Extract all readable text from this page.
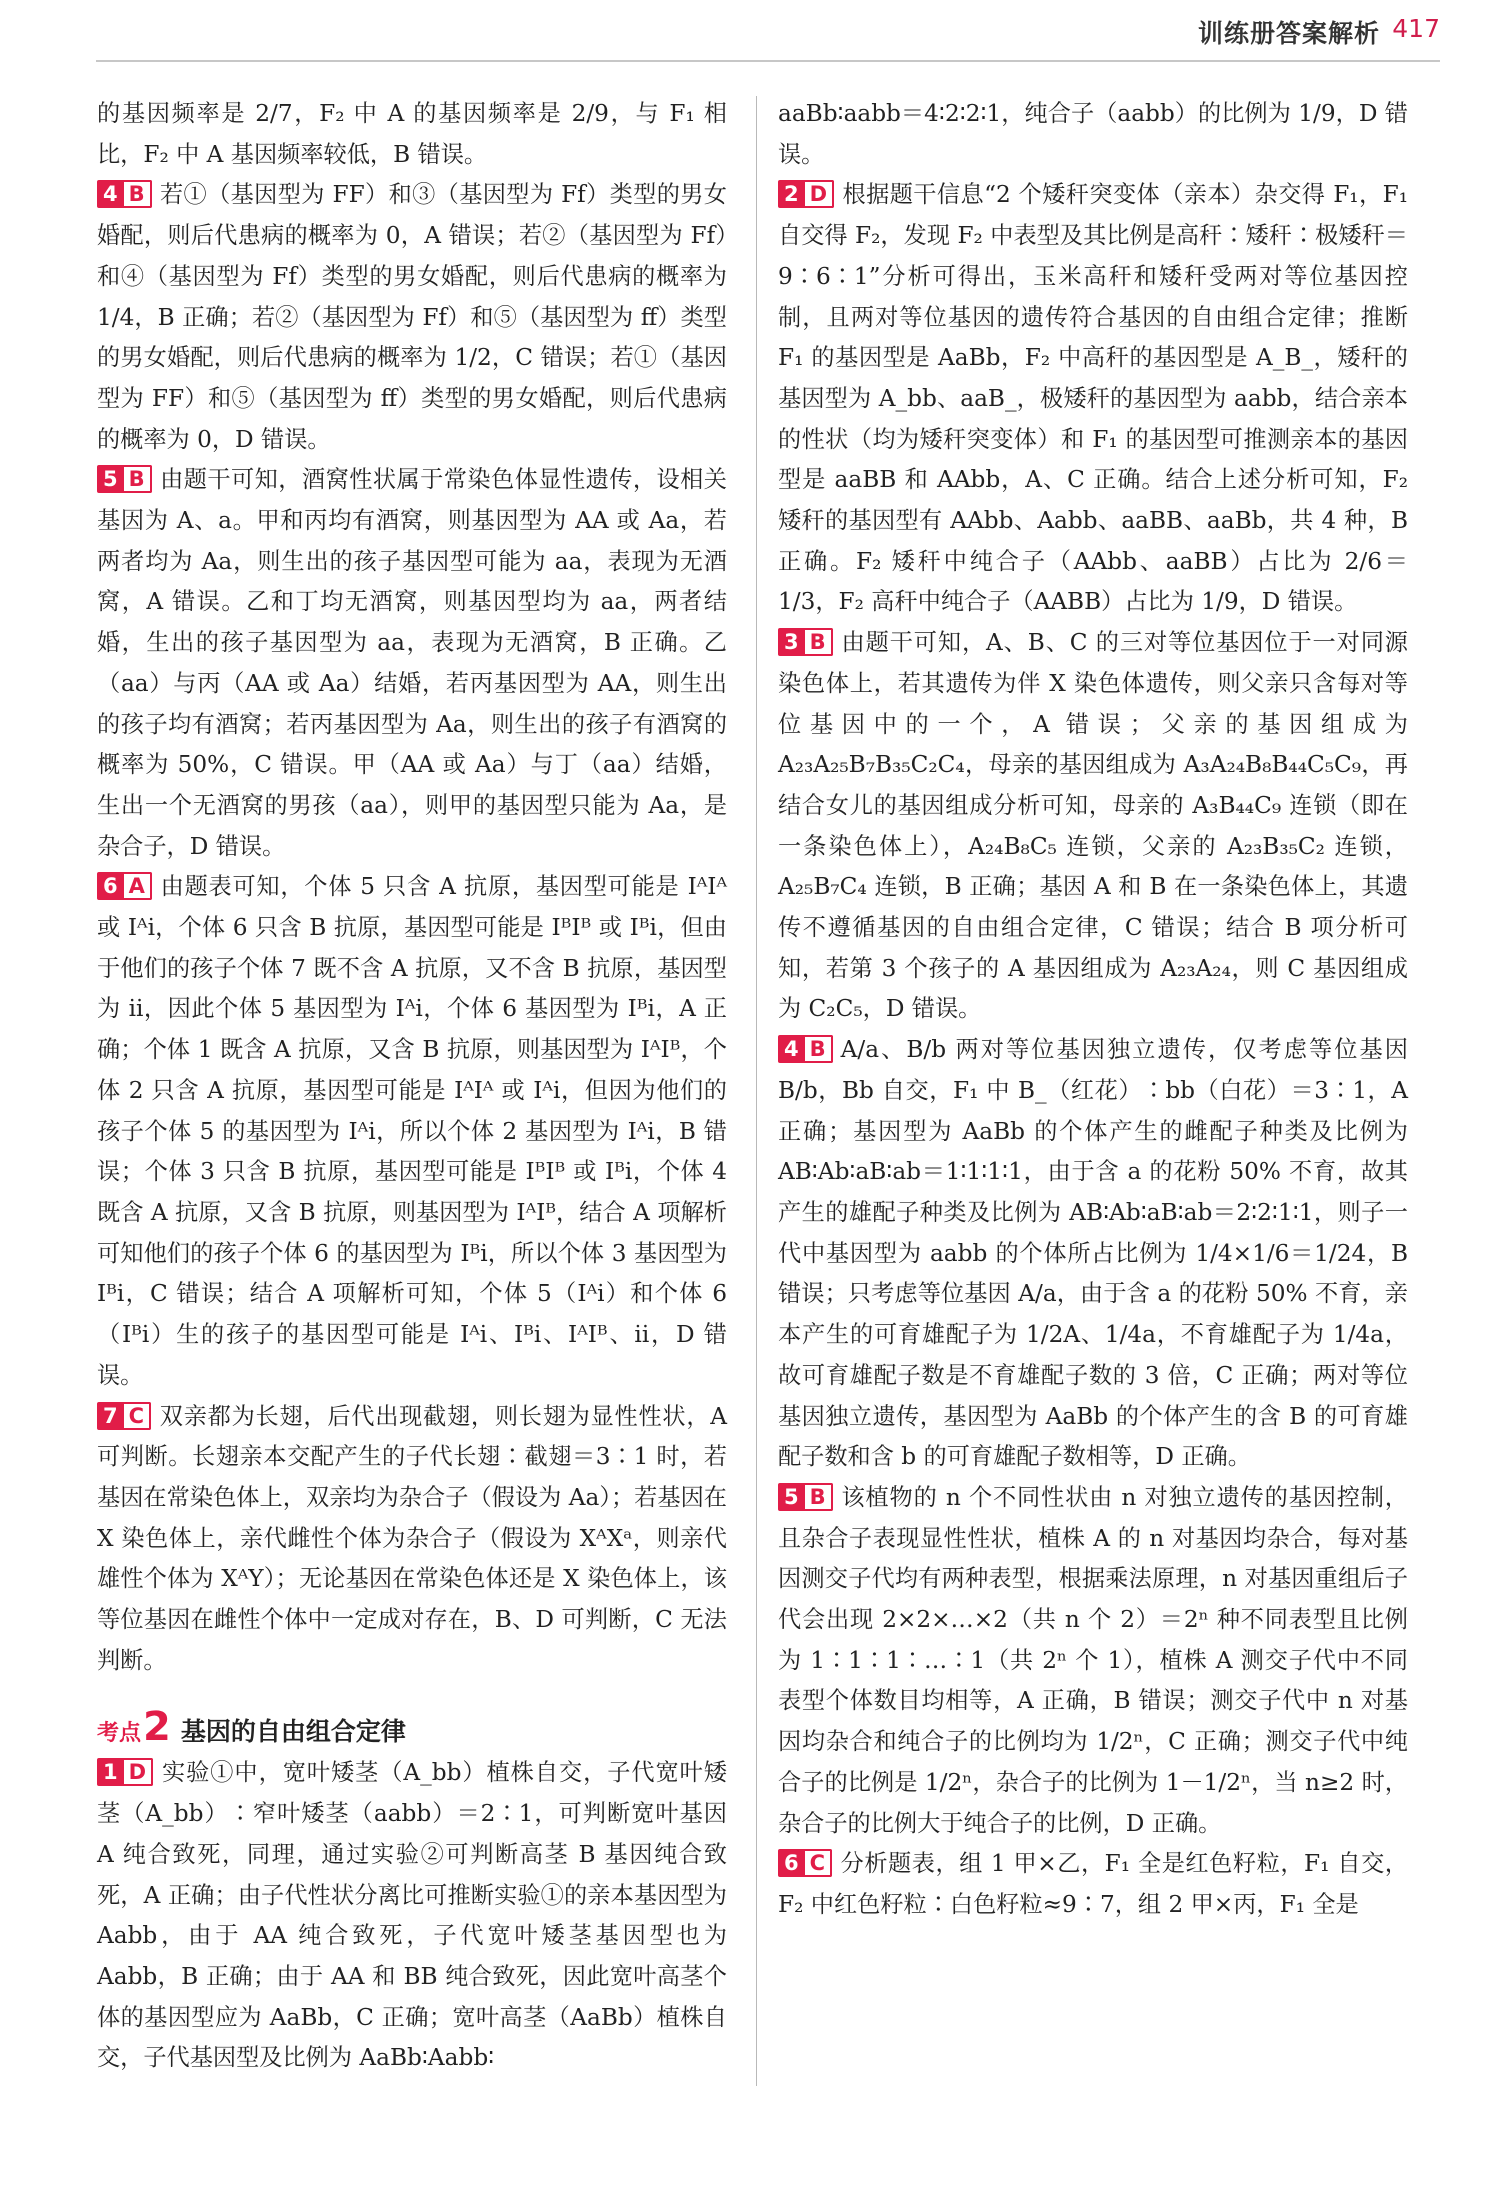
训练册答案解析 417

的基因频率是 2/7，F₂ 中 A 的基因频率是 2/9，与 F₁ 相比，F₂ 中 A 基因频率较低，B 错误。

4 B 若①（基因型为 FF）和③（基因型为 Ff）类型的男女婚配，则后代患病的概率为 0，A 错误；若②（基因型为 Ff）和④（基因型为 Ff）类型的男女婚配，则后代患病的概率为 1/4，B 正确；若②（基因型为 Ff）和⑤（基因型为 ff）类型的男女婚配，则后代患病的概率为 1/2，C 错误；若①（基因型为 FF）和⑤（基因型为 ff）类型的男女婚配，则后代患病的概率为 0，D 错误。

5 B 由题干可知，酒窝性状属于常染色体显性遗传，设相关基因为 A、a。甲和丙均有酒窝，则基因型为 AA 或 Aa，若两者均为 Aa，则生出的孩子基因型可能为 aa，表现为无酒窝，A 错误。乙和丁均无酒窝，则基因型均为 aa，两者结婚，生出的孩子基因型为 aa，表现为无酒窝，B 正确。乙（aa）与丙（AA 或 Aa）结婚，若丙基因型为 AA，则生出的孩子均有酒窝；若丙基因型为 Aa，则生出的孩子有酒窝的概率为 50%，C 错误。甲（AA 或 Aa）与丁（aa）结婚，生出一个无酒窝的男孩（aa），则甲的基因型只能为 Aa，是杂合子，D 错误。

6 A 由题表可知，个体 5 只含 A 抗原，基因型可能是 IᴬIᴬ 或 Iᴬi，个体 6 只含 B 抗原，基因型可能是 IᴮIᴮ 或 Iᴮi，但由于他们的孩子个体 7 既不含 A 抗原，又不含 B 抗原，基因型为 ii，因此个体 5 基因型为 Iᴬi，个体 6 基因型为 Iᴮi，A 正确；个体 1 既含 A 抗原，又含 B 抗原，则基因型为 IᴬIᴮ，个体 2 只含 A 抗原，基因型可能是 IᴬIᴬ 或 Iᴬi，但因为他们的孩子个体 5 的基因型为 Iᴬi，所以个体 2 基因型为 Iᴬi，B 错误；个体 3 只含 B 抗原，基因型可能是 IᴮIᴮ 或 Iᴮi，个体 4 既含 A 抗原，又含 B 抗原，则基因型为 IᴬIᴮ，结合 A 项解析可知他们的孩子个体 6 的基因型为 Iᴮi，所以个体 3 基因型为 Iᴮi，C 错误；结合 A 项解析可知，个体 5（Iᴬi）和个体 6（Iᴮi）生的孩子的基因型可能是 Iᴬi、Iᴮi、IᴬIᴮ、ii，D 错误。

7 C 双亲都为长翅，后代出现截翅，则长翅为显性性状，A 可判断。长翅亲本交配产生的子代长翅∶截翅＝3∶1 时，若基因在常染色体上，双亲均为杂合子（假设为 Aa）；若基因在 X 染色体上，亲代雌性个体为杂合子（假设为 XᴬXᵃ，则亲代雄性个体为 XᴬY）；无论基因在常染色体还是 X 染色体上，该等位基因在雌性个体中一定成对存在，B、D 可判断，C 无法判断。

考点 2 基因的自由组合定律

1 D 实验①中，宽叶矮茎（A_bb）植株自交，子代宽叶矮茎（A_bb）∶窄叶矮茎（aabb）＝2∶1，可判断宽叶基因 A 纯合致死，同理，通过实验②可判断高茎 B 基因纯合致死，A 正确；由子代性状分离比可推断实验①的亲本基因型为 Aabb，由于 AA 纯合致死，子代宽叶矮茎基因型也为 Aabb，B 正确；由于 AA 和 BB 纯合致死，因此宽叶高茎个体的基因型应为 AaBb，C 正确；宽叶高茎（AaBb）植株自交，子代基因型及比例为 AaBb∶Aabb∶

aaBb∶aabb＝4∶2∶2∶1，纯合子（aabb）的比例为 1/9，D 错误。

2 D 根据题干信息“2 个矮秆突变体（亲本）杂交得 F₁，F₁ 自交得 F₂，发现 F₂ 中表型及其比例是高秆∶矮秆∶极矮秆＝9∶6∶1”分析可得出，玉米高秆和矮秆受两对等位基因控制，且两对等位基因的遗传符合基因的自由组合定律；推断 F₁ 的基因型是 AaBb，F₂ 中高秆的基因型是 A_B_，矮秆的基因型为 A_bb、aaB_，极矮秆的基因型为 aabb，结合亲本的性状（均为矮秆突变体）和 F₁ 的基因型可推测亲本的基因型是 aaBB 和 AAbb，A、C 正确。结合上述分析可知，F₂ 矮秆的基因型有 AAbb、Aabb、aaBB、aaBb，共 4 种，B 正确。F₂ 矮秆中纯合子（AAbb、aaBB）占比为 2/6＝1/3，F₂ 高秆中纯合子（AABB）占比为 1/9，D 错误。

3 B 由题干可知，A、B、C 的三对等位基因位于一对同源染色体上，若其遗传为伴 X 染色体遗传，则父亲只含每对等位基因中的一个，A 错误；父亲的基因组成为 A₂₃A₂₅B₇B₃₅C₂C₄，母亲的基因组成为 A₃A₂₄B₈B₄₄C₅C₉，再结合女儿的基因组成分析可知，母亲的 A₃B₄₄C₉ 连锁（即在一条染色体上），A₂₄B₈C₅ 连锁，父亲的 A₂₃B₃₅C₂ 连锁，A₂₅B₇C₄ 连锁，B 正确；基因 A 和 B 在一条染色体上，其遗传不遵循基因的自由组合定律，C 错误；结合 B 项分析可知，若第 3 个孩子的 A 基因组成为 A₂₃A₂₄，则 C 基因组成为 C₂C₅，D 错误。

4 B A/a、B/b 两对等位基因独立遗传，仅考虑等位基因 B/b，Bb 自交，F₁ 中 B_（红花）∶bb（白花）＝3∶1，A 正确；基因型为 AaBb 的个体产生的雌配子种类及比例为 AB∶Ab∶aB∶ab＝1∶1∶1∶1，由于含 a 的花粉 50% 不育，故其产生的雄配子种类及比例为 AB∶Ab∶aB∶ab＝2∶2∶1∶1，则子一代中基因型为 aabb 的个体所占比例为 1/4×1/6＝1/24，B 错误；只考虑等位基因 A/a，由于含 a 的花粉 50% 不育，亲本产生的可育雄配子为 1/2A、1/4a，不育雄配子为 1/4a，故可育雄配子数是不育雄配子数的 3 倍，C 正确；两对等位基因独立遗传，基因型为 AaBb 的个体产生的含 B 的可育雄配子数和含 b 的可育雄配子数相等，D 正确。

5 B 该植物的 n 个不同性状由 n 对独立遗传的基因控制，且杂合子表现显性性状，植株 A 的 n 对基因均杂合，每对基因测交子代均有两种表型，根据乘法原理，n 对基因重组后子代会出现 2×2×…×2（共 n 个 2）＝2ⁿ 种不同表型且比例为 1∶1∶1∶…∶1（共 2ⁿ 个 1），植株 A 测交子代中不同表型个体数目均相等，A 正确，B 错误；测交子代中 n 对基因均杂合和纯合子的比例均为 1/2ⁿ，C 正确；测交子代中纯合子的比例是 1/2ⁿ，杂合子的比例为 1－1/2ⁿ，当 n≥2 时，杂合子的比例大于纯合子的比例，D 正确。

6 C 分析题表，组 1 甲×乙，F₁ 全是红色籽粒，F₁ 自交，F₂ 中红色籽粒∶白色籽粒≈9∶7，组 2 甲×丙，F₁ 全是
